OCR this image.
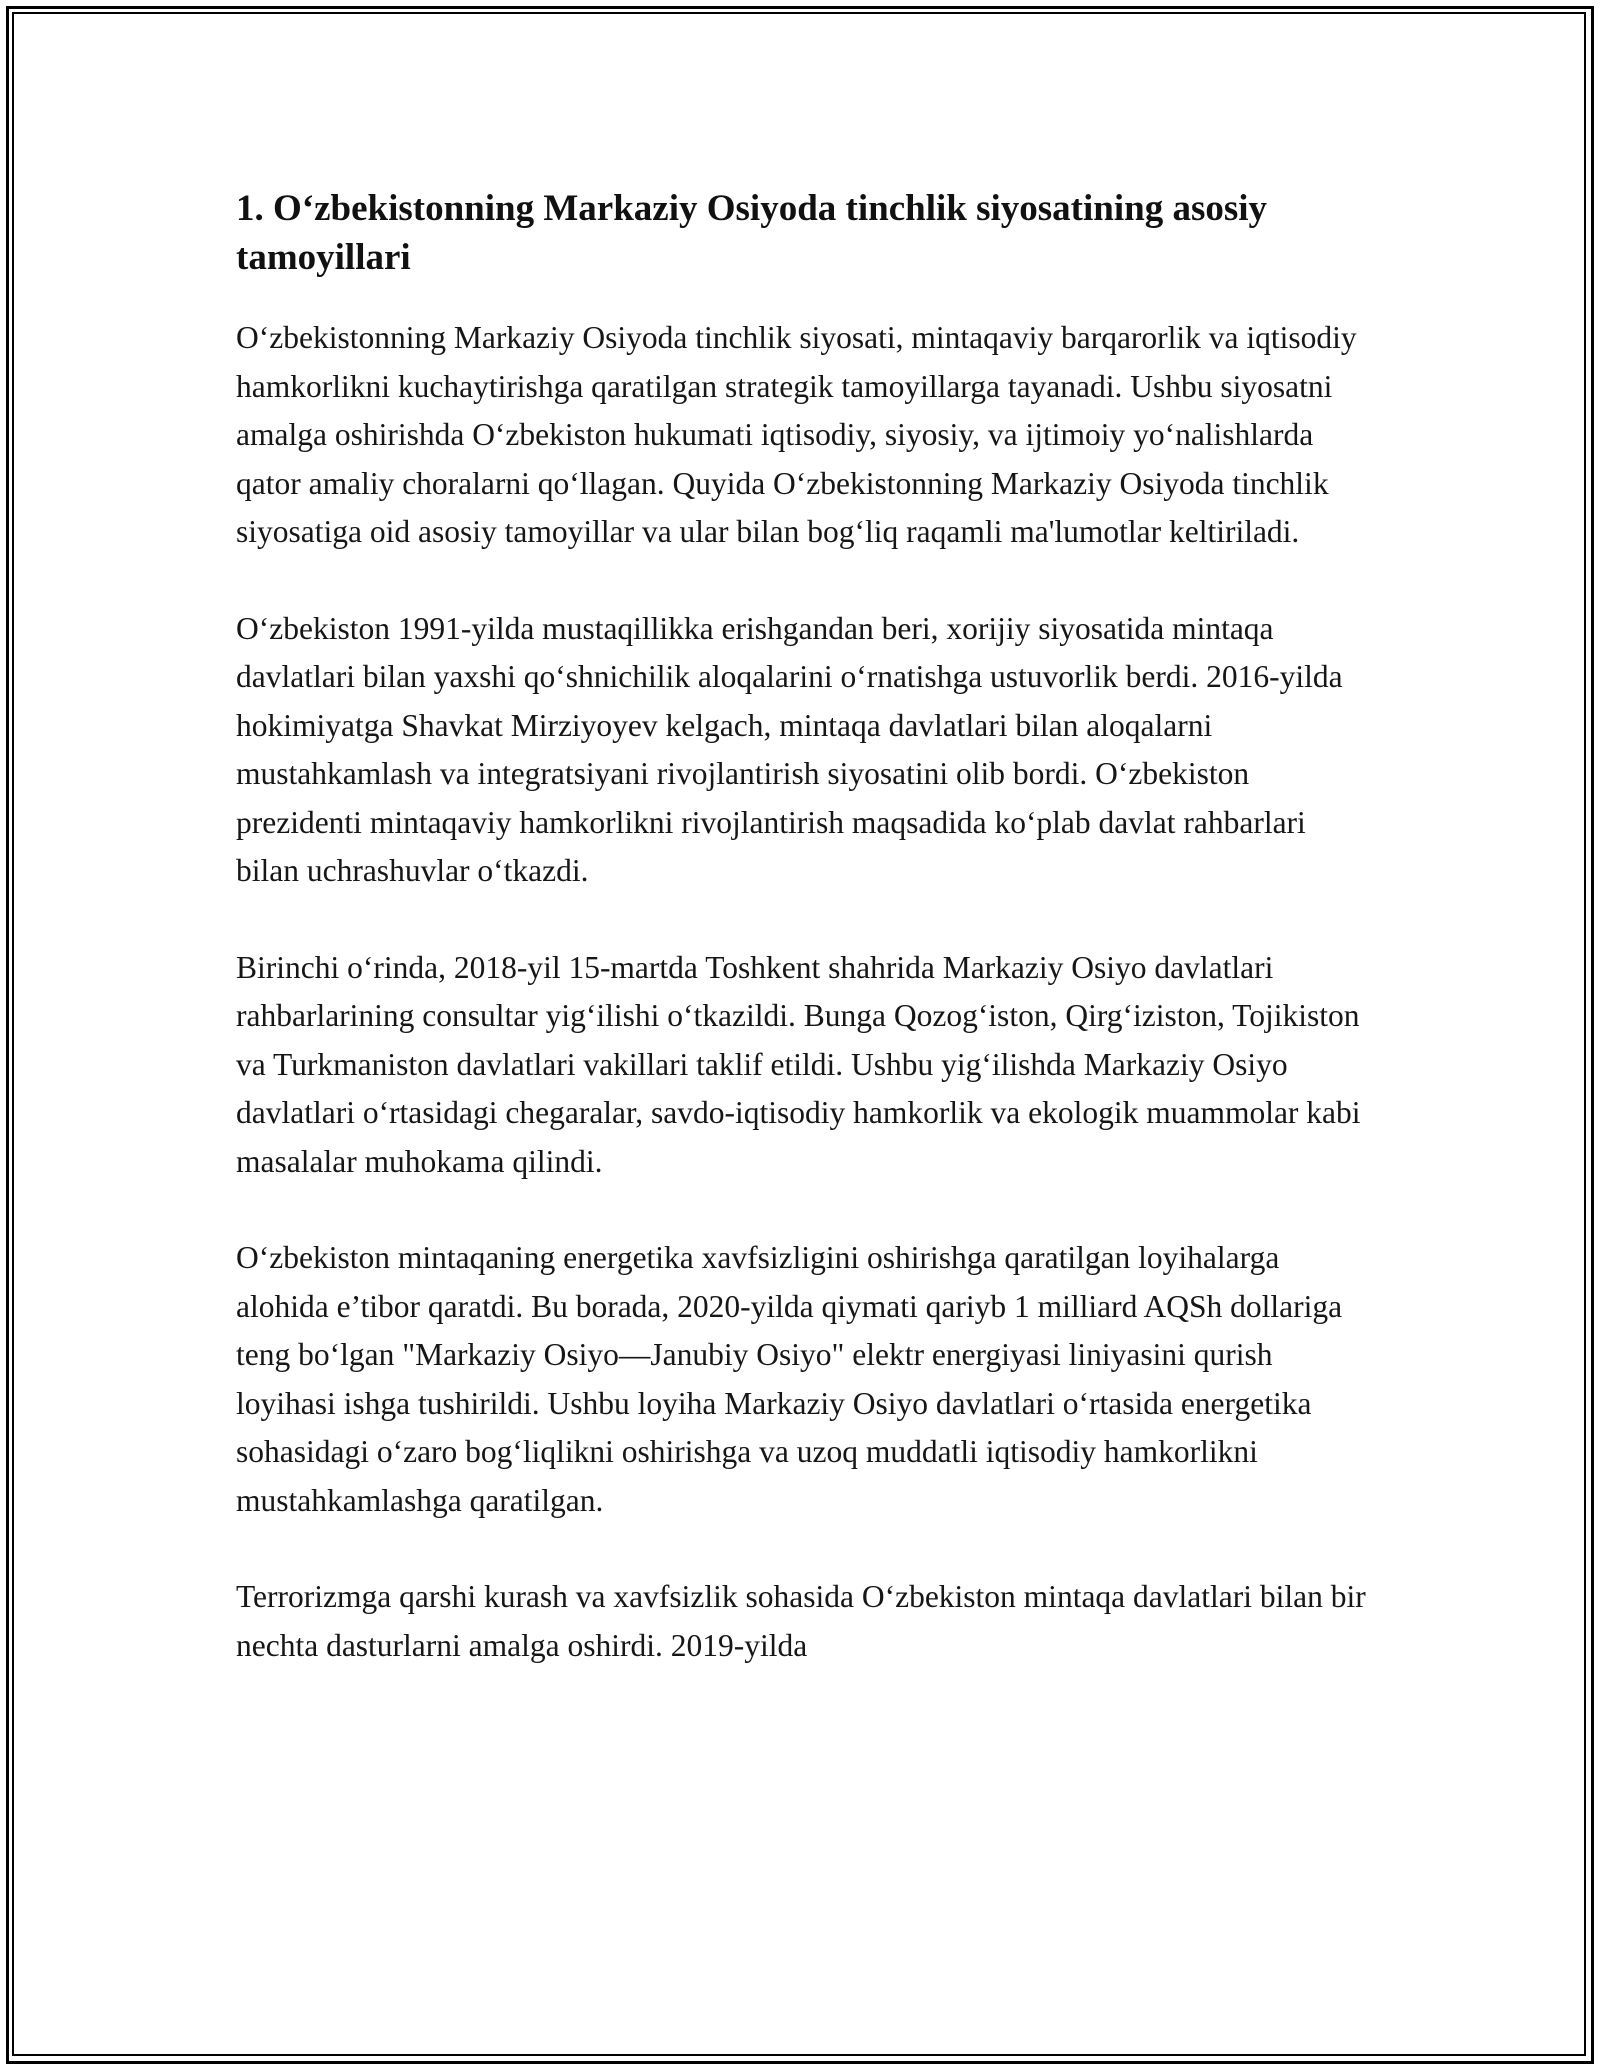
1. O‘zbekistonning Markaziy Osiyoda tinchlik siyosatining asosiy tamoyillari

O‘zbekistonning Markaziy Osiyoda tinchlik siyosati, mintaqaviy barqarorlik va iqtisodiy hamkorlikni kuchaytirishga qaratilgan strategik tamoyillarga tayanadi. Ushbu siyosatni amalga oshirishda O‘zbekiston hukumati iqtisodiy, siyosiy, va ijtimoiy yo‘nalishlarda qator amaliy choralarni qo‘llagan. Quyida O‘zbekistonning Markaziy Osiyoda tinchlik siyosatiga oid asosiy tamoyillar va ular bilan bog‘liq raqamli ma'lumotlar keltiriladi.

O‘zbekiston 1991-yilda mustaqillikka erishgandan beri, xorijiy siyosatida mintaqa davlatlari bilan yaxshi qo‘shnichilik aloqalarini o‘rnatishga ustuvorlik berdi. 2016-yilda hokimiyatga Shavkat Mirziyoyev kelgach, mintaqa davlatlari bilan aloqalarni mustahkamlash va integratsiyani rivojlantirish siyosatini olib bordi. O‘zbekiston prezidenti mintaqaviy hamkorlikni rivojlantirish maqsadida ko‘plab davlat rahbarlari bilan uchrashuvlar o‘tkazdi.

Birinchi o‘rinda, 2018-yil 15-martda Toshkent shahrida Markaziy Osiyo davlatlari rahbarlarining consultar yig‘ilishi o‘tkazildi. Bunga Qozog‘iston, Qirg‘iziston, Tojikiston va Turkmaniston davlatlari vakillari taklif etildi. Ushbu yig‘ilishda Markaziy Osiyo davlatlari o‘rtasidagi chegaralar, savdo-iqtisodiy hamkorlik va ekologik muammolar kabi masalalar muhokama qilindi.

O‘zbekiston mintaqaning energetika xavfsizligini oshirishga qaratilgan loyihalarga alohida e’tibor qaratdi. Bu borada, 2020-yilda qiymati qariyb 1 milliard AQSh dollariga teng bo‘lgan "Markaziy Osiyo—Janubiy Osiyo" elektr energiyasi liniyasini qurish loyihasi ishga tushirildi. Ushbu loyiha Markaziy Osiyo davlatlari o‘rtasida energetika sohasidagi o‘zaro bog‘liqlikni oshirishga va uzoq muddatli iqtisodiy hamkorlikni mustahkamlashga qaratilgan.

Terrorizmga qarshi kurash va xavfsizlik sohasida O‘zbekiston mintaqa davlatlari bilan bir nechta dasturlarni amalga oshirdi. 2019-yilda
